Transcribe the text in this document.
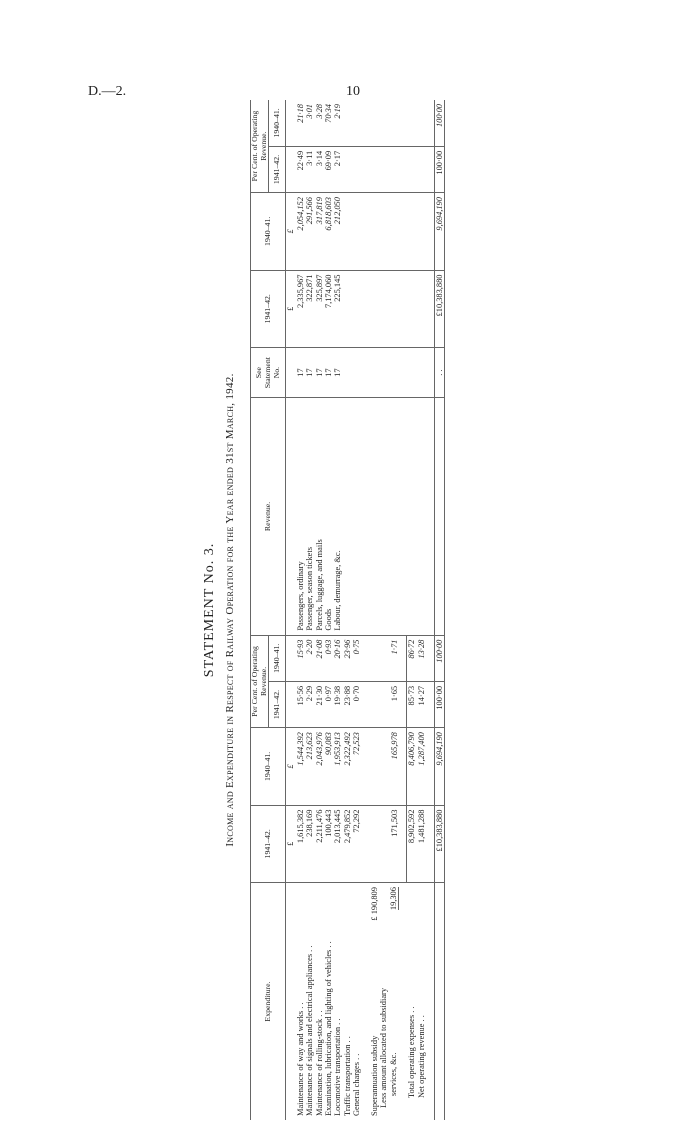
D.—2.	10
STATEMENT No. 3. Income and Expenditure in Respect of Railway Operation for the Year ended 31st March, 1942.
Expenditure.	1941–42.	1940–41.	Per Cent. of Operating Revenue.		Revenue.	See Statement No.	1941–42.	1940–41.	Per Cent. of Operating Revenue.	
			1941–42.	1940–41.					1941–42.	1940–41.
	£	£					£	£		
Maintenance of way and works . .	1,615,382	1,544,392	15·56	15·93	Passengers, ordinary	17	2,335,967	2,054,152	22·49	21·18
Maintenance of signals and electrical appliances . .	238,169	213,623	2·29	2·20	Passenger, season tickets	17	322,871	291,566	3·11	3·01
Maintenance of rolling-stock . .	2,211,476	2,043,976	21·30	21·08	Parcels, luggage, and mails	17	325,897	317,819	3·14	3·28
Examination, lubrication, and lighting of vehicles . .	100,443	90,083	0·97	0·93	Goods	17	7,174,060	6,818,603	69·09	70·34
Locomotive transportation . .	2,013,445	1,953,913	19·38	20·16	Labour, demurrage, &c.	17	225,145	212,050	2·17	2·19
Traffic transportation . .	2,479,852	2,322,492	23·88	23·96						
General charges . .	72,292	72,523	0·70	0·75						

Superannuation subsidy
£ 190,809
Less amount allocated to subsidiary services, &c.
19,306	171,503	165,978	1·65	1·71						

Total operating expenses . .	8,902,592	8,406,790	85·73	86·72						
Net operating revenue . .	1,481,288	1,287,400	14·27	13·28						

	£10,383,880	9,694,190	100·00	100·00		. .	£10,383,880	9,694,190	100·00	100·00
